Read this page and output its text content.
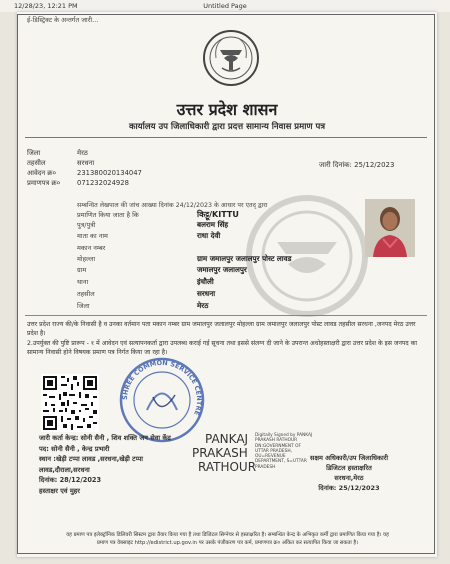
12/28/23, 12:21 PM	Untitled Page
ई-डिस्ट्रिक्ट के अन्तर्गत जारी...
उत्तर प्रदेश शासन
कार्यालय उप जिलाधिकारी द्वारा प्रदत्त सामान्य निवास प्रमाण पत्र
जिला	मेरठ
तहसील	सरधना
आवेदन क्र०	231380020134047
प्रमाणपत्र क्र० 071232024928
जारी दिनांक: 25/12/2023
सम्बन्धित लेखपाल की जांच आख्या दिनांक 24/12/2023 के आधार पर एतद् द्वारा
प्रमाणित किया जाता है कि	किट्टू/KITTU
पुत्र/पुत्री	बलराम सिंह
माता का नाम	राधा देवी
मकान नम्बर
मोहल्ला	ग्राम जमालपुर जलालपुर पोस्ट लावड
ग्राम	जमालपुर जलालपुर
थाना	इंचौली
तहसील	सरधना
जिला	मेरठ
उत्तर प्रदेश राज्य की/के निवासी है व उनका वर्तमान पता मकान नम्बर ग्राम जमालपुर जलालपुर मोहल्ला ग्राम जमालपुर जलालपुर पोस्ट लावड तहसील सरधना ,जनपद मेरठ उत्तर प्रदेश है।
2.उपर्युक्त की पुष्टि प्रारूप - १ में आवेदन एवं सत्यापनकर्ता द्वारा उपलब्ध कराई गई सूचना तथा इससे संलग्न दी जाने के उपरान्त अधोहस्ताक्षरी द्वारा उत्तर प्रदेश के इस जनपद का सामान्य निवासी होने विषयक प्रमाण पत्र निर्गत किया जा रहा है।
SHREE COMMON SERVICE CENTRE
PANKAJ
PRAKASH
RATHOUR
Digitally Signed by PANKAJ
PRAKASH RATHOUR
DN:GOVERNMENT OF
UTTAR PRADESH,
OU=REVENUE
DEPARTMENT, S=UTTAR
PRADESH
जारी कर्ता केन्द्र: सोनी सैनी , शिव शक्ति जन सेवा केंद्र
पद: सोनी सैनी , केन्द्र प्रभारी
स्थान :खेड़ी टप्पा लावड ,सरधना,खेड़ी टप्पा
लावड,दौराला,सरधना
दिनांक: 28/12/2023
हस्ताक्षर एवं मुहर
सक्षम अधिकारी/उप जिलाधिकारी
डिजिटल हस्ताक्षरित
सरधना,मेरठ
दिनांक: 25/12/2023
यह प्रमाण पत्र इलेक्ट्रॉनिक डिलिवरी सिस्टम द्वारा तैयार किया गया है तथा डिजिटल सिग्नेचर से हस्ताक्षरित है। सम्बन्धित केन्द्र के अभिकृत कर्मी द्वारा प्रमाणित किया गया है। यह
प्रमाण पत्र वेबसाइट http://edistrict.up.gov.in पर उसके पंजीकरण पत्र कर्म, प्रमाणपत्र क्र० अंकित कर सत्यापित किया जा सकता है।
